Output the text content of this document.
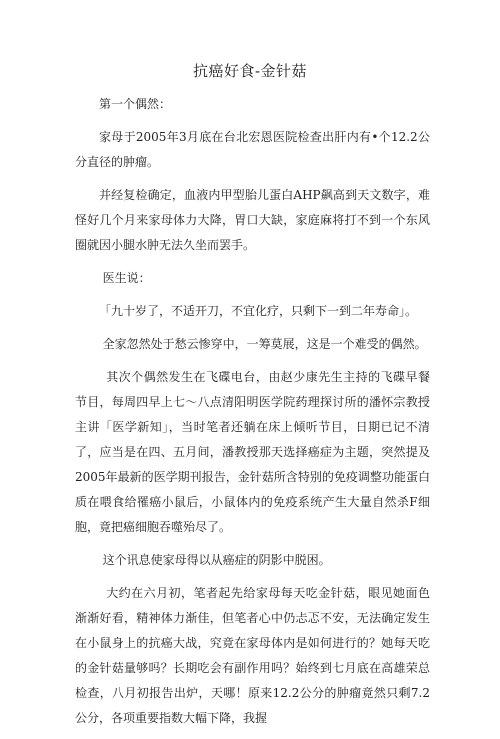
抗癌好食-金针菇

第一个偶然：

家母于2005年3月底在台北宏恩医院检查出肝内有•个12.2公分直径的肿瘤。

并经复检确定，血液内甲型胎儿蛋白AHP飙高到天文数字，难怪好几个月来家母体力大降，胃口大缺，家庭麻将打不到一个东风圈就因小腿水肿无法久坐而罢手。

医生说：

「九十岁了，不适开刀，不宜化疗，只剩下一到二年寿命」。

全家忽然处于愁云惨穿中，一筹莫展，这是一个难受的偶然。

其次个偶然发生在飞碟电台，由赵少康先生主持的飞碟早餐节目，每周四早上七～八点清阳明医学院药理探讨所的潘怀宗教授主讲「医学新知」，当时笔者还躺在床上倾听节目，日期已记不清了，应当是在四、五月间，潘教授那天选择癌症为主题，突然提及2005年最新的医学期刊报告，金针菇所含特别的免疫调整功能蛋白质在喂食给罹癌小鼠后，小鼠体内的免疫系统产生大量自然杀F细胞，竟把癌细胞吞噬殆尽了。

这个讯息使家母得以从癌症的阴影中脱困。

大约在六月初，笔者起先给家母每天吃金针菇，眼见她面色渐渐好看，精神体力渐佳，但笔者心中仍忐忑不安，无法确定发生在小鼠身上的抗癌大战，究竟在家母体内是如何进行的？她每天吃的金针菇量够吗？长期吃会有副作用吗？始终到七月底在高雄荣总检查，八月初报告出炉，天哪！原来12.2公分的肿瘤竟然只剩7.2公分，各项重要指数大幅下降，我握
